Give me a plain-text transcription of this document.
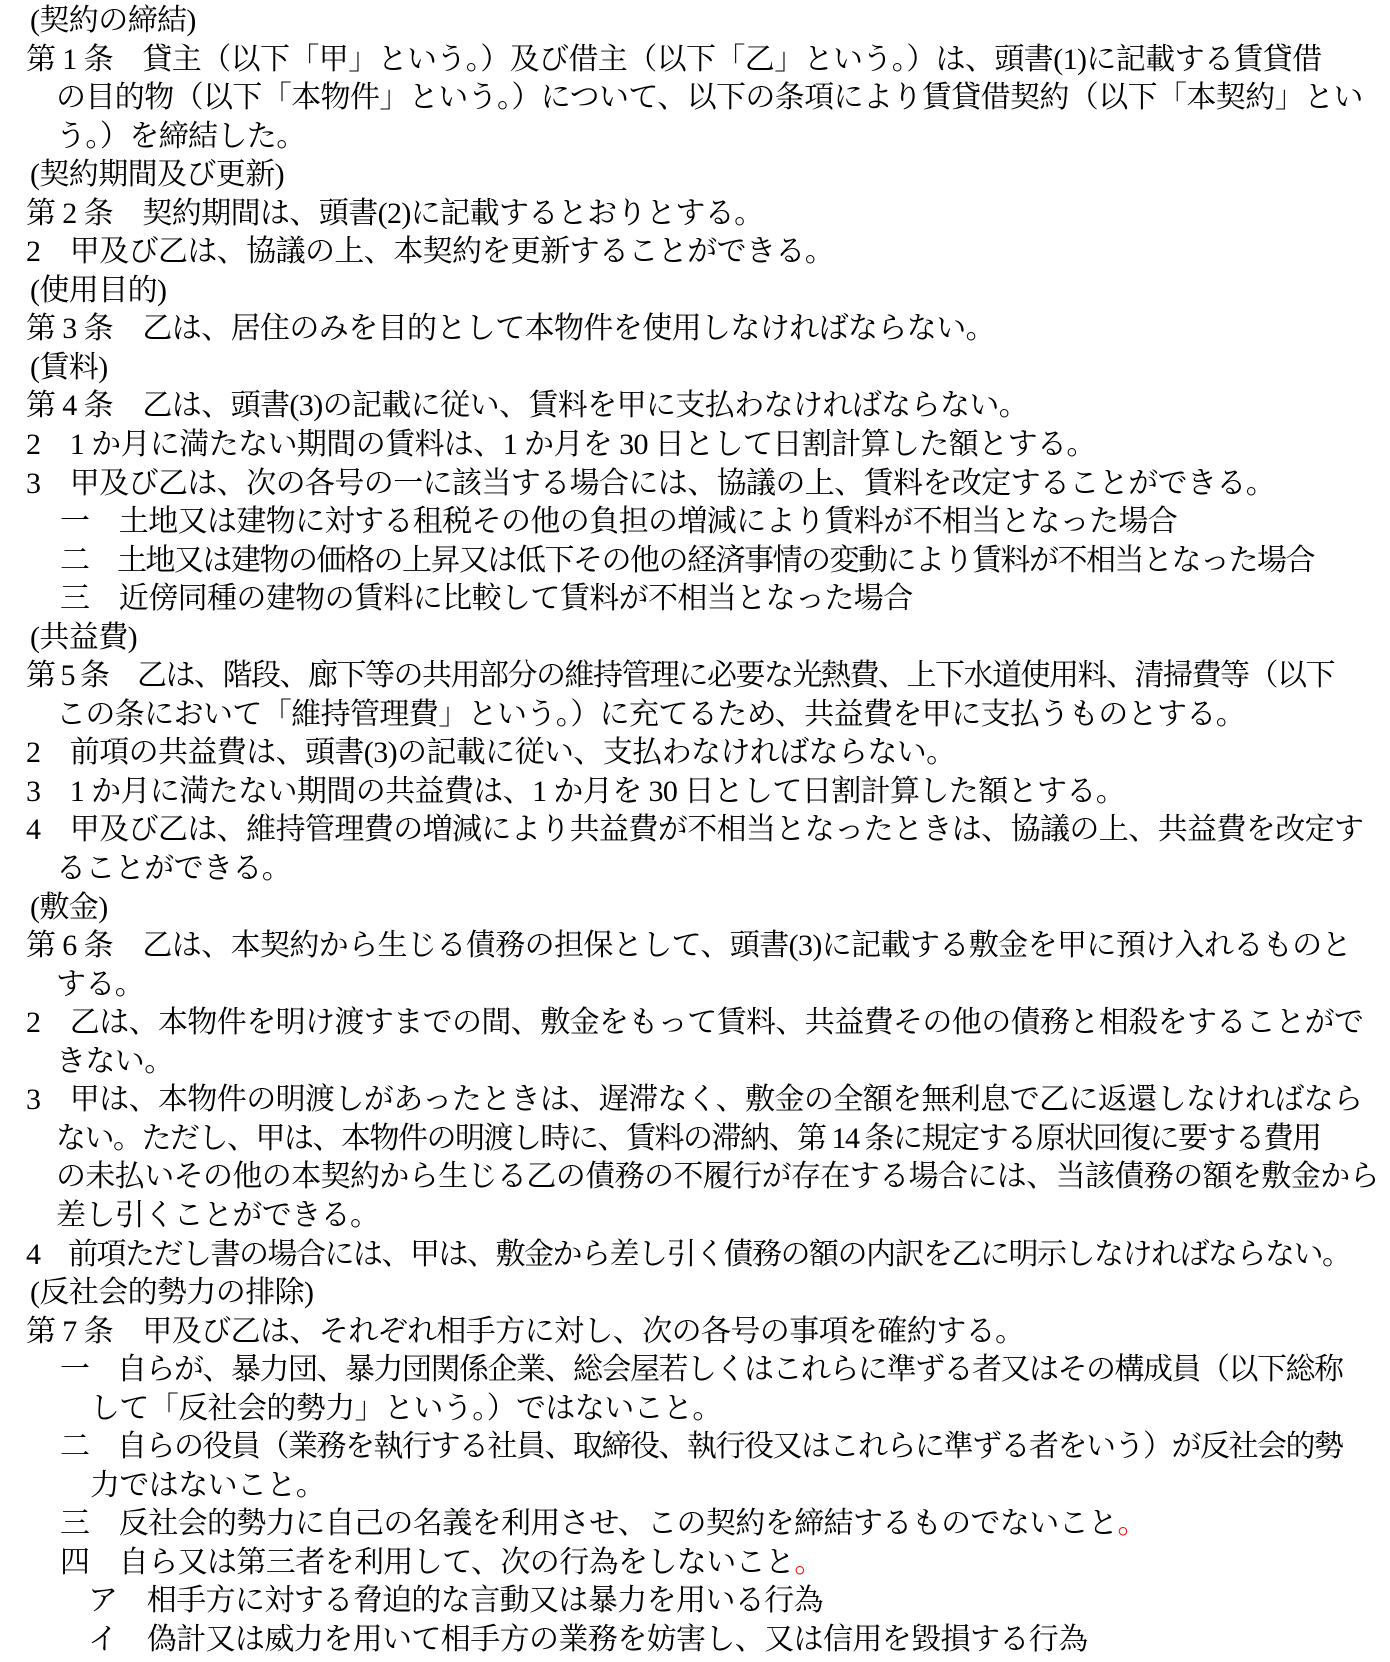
(契約の締結)
第 1 条　貸主（以下「甲」という。）及び借主（以下「乙」という。）は、頭書(1)に記載する賃貸借
の目的物（以下「本物件」という。）について、以下の条項により賃貸借契約（以下「本契約」とい
う。）を締結した。
(契約期間及び更新)
第 2 条　契約期間は、頭書(2)に記載するとおりとする。
2　甲及び乙は、協議の上、本契約を更新することができる。
(使用目的)
第 3 条　乙は、居住のみを目的として本物件を使用しなければならない。
(賃料)
第 4 条　乙は、頭書(3)の記載に従い、賃料を甲に支払わなければならない。
2　1 か月に満たない期間の賃料は、1 か月を 30 日として日割計算した額とする。
3　甲及び乙は、次の各号の一に該当する場合には、協議の上、賃料を改定することができる。
一　土地又は建物に対する租税その他の負担の増減により賃料が不相当となった場合
二　土地又は建物の価格の上昇又は低下その他の経済事情の変動により賃料が不相当となった場合
三　近傍同種の建物の賃料に比較して賃料が不相当となった場合
(共益費)
第 5 条　乙は、階段、廊下等の共用部分の維持管理に必要な光熱費、上下水道使用料、清掃費等（以下
この条において「維持管理費」という。）に充てるため、共益費を甲に支払うものとする。
2　前項の共益費は、頭書(3)の記載に従い、支払わなければならない。
3　1 か月に満たない期間の共益費は、1 か月を 30 日として日割計算した額とする。
4　甲及び乙は、維持管理費の増減により共益費が不相当となったときは、協議の上、共益費を改定す
ることができる。
(敷金)
第 6 条　乙は、本契約から生じる債務の担保として、頭書(3)に記載する敷金を甲に預け入れるものと
する。
2　乙は、本物件を明け渡すまでの間、敷金をもって賃料、共益費その他の債務と相殺をすることがで
きない。
3　甲は、本物件の明渡しがあったときは、遅滞なく、敷金の全額を無利息で乙に返還しなければなら
ない。ただし、甲は、本物件の明渡し時に、賃料の滞納、第 14 条に規定する原状回復に要する費用
の未払いその他の本契約から生じる乙の債務の不履行が存在する場合には、当該債務の額を敷金から
差し引くことができる。
4　前項ただし書の場合には、甲は、敷金から差し引く債務の額の内訳を乙に明示しなければならない。
(反社会的勢力の排除)
第 7 条　甲及び乙は、それぞれ相手方に対し、次の各号の事項を確約する。
一　自らが、暴力団、暴力団関係企業、総会屋若しくはこれらに準ずる者又はその構成員（以下総称
して「反社会的勢力」という。）ではないこと。
二　自らの役員（業務を執行する社員、取締役、執行役又はこれらに準ずる者をいう）が反社会的勢
力ではないこと。
三　反社会的勢力に自己の名義を利用させ、この契約を締結するものでないこと。
四　自ら又は第三者を利用して、次の行為をしないこと。
ア　相手方に対する脅迫的な言動又は暴力を用いる行為
イ　偽計又は威力を用いて相手方の業務を妨害し、又は信用を毀損する行為
